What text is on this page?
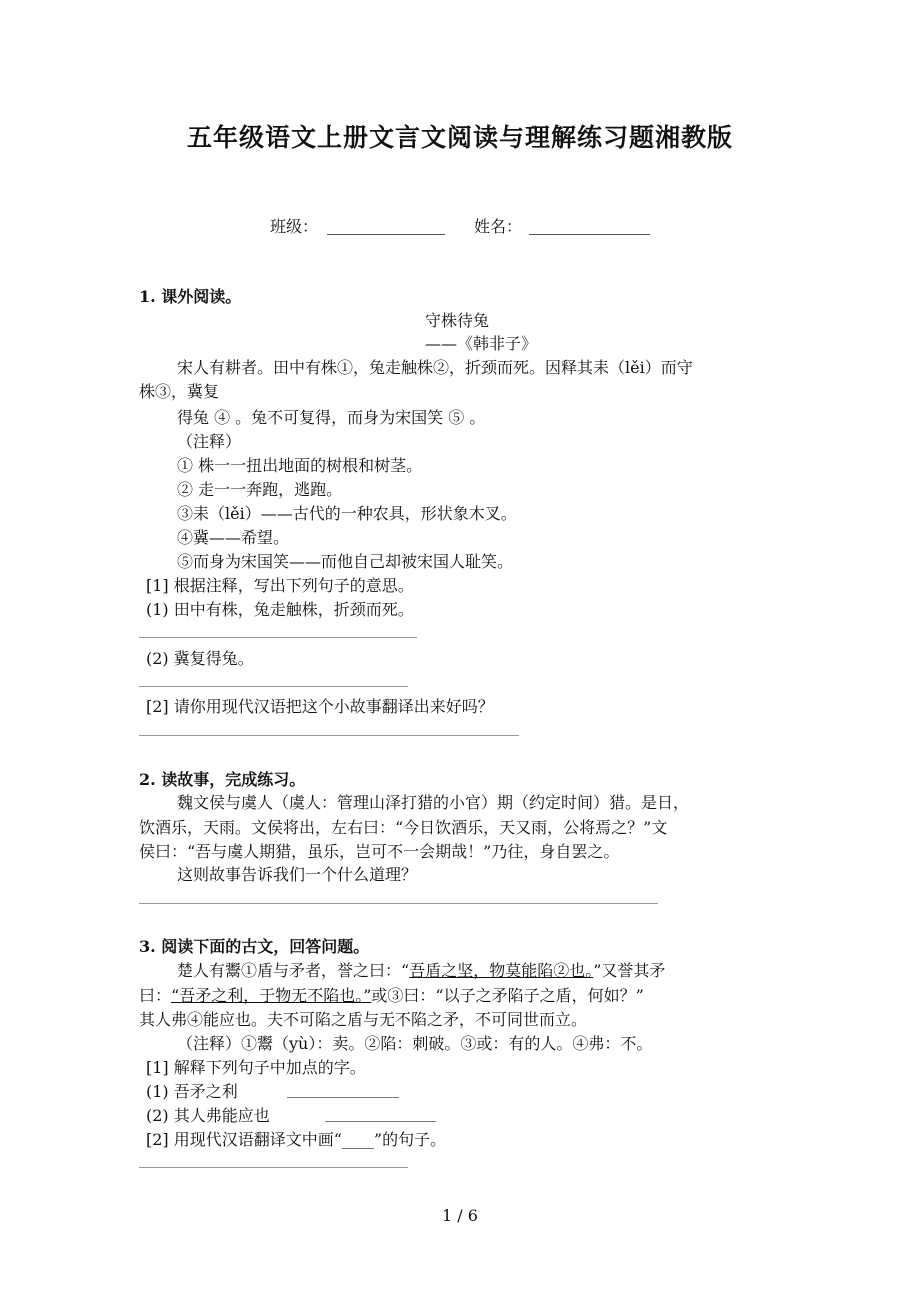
五年级语文上册文言文阅读与理解练习题湘教版
班级：	姓名：
1. 课外阅读。
守株待兔
——《韩非子》
宋人有耕者。田中有株①，兔走触株②，折颈而死。因释其耒（lěi）而守
株③，冀复
得兔 ④ 。兔不可复得，而身为宋国笑 ⑤ 。
（注释）
① 株一一扭出地面的树根和树茎。
② 走一一奔跑，逃跑。
③耒（lěi）——古代的一种农具，形状象木叉。
④冀——希望。
⑤而身为宋国笑——而他自己却被宋国人耻笑。
[1] 根据注释，写出下列句子的意思。
(1) 田中有株，兔走触株，折颈而死。
(2) 冀复得兔。
[2] 请你用现代汉语把这个小故事翻译出来好吗？
2. 读故事，完成练习。
魏文侯与虞人（虞人：管理山泽打猎的小官）期（约定时间）猎。是日，
饮酒乐，天雨。文侯将出，左右曰：“今日饮酒乐，天又雨，公将焉之？”文
侯曰：“吾与虞人期猎，虽乐，岂可不一会期哉！”乃往，身自罢之。
这则故事告诉我们一个什么道理？
3. 阅读下面的古文，回答问题。
楚人有鬻①盾与矛者，誉之曰：“吾盾之坚，物莫能陷②也。”又誉其矛
曰：“吾矛之利，于物无不陷也。”或③曰：“以子之矛陷子之盾，何如？”
其人弗④能应也。夫不可陷之盾与无不陷之矛，不可同世而立。
（注释）①鬻（yù）：卖。②陷：刺破。③或：有的人。④弗：不。
[1] 解释下列句子中加点的字。
(1) 吾矛之利
(2) 其人弗能应也
[2] 用现代汉语翻译文中画“____”的句子。
1 / 6
